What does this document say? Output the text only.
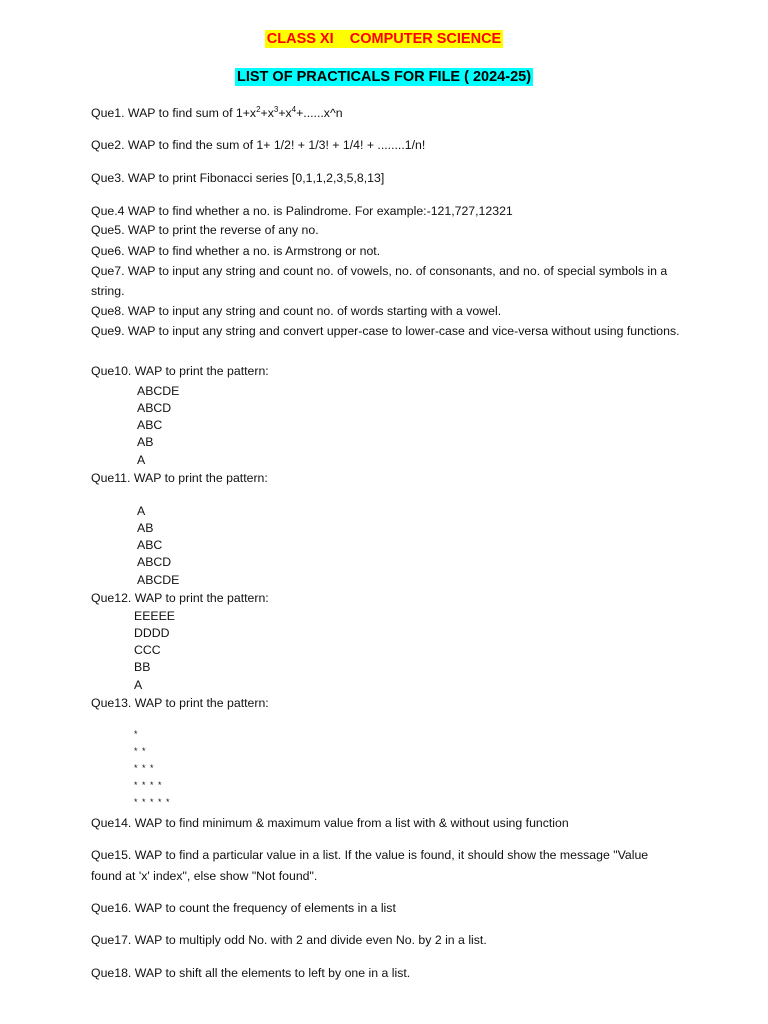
CLASS XI    COMPUTER SCIENCE
LIST OF PRACTICALS FOR FILE ( 2024-25)
Que1. WAP to find sum of $1+x^2+x^3+x^4+......x\^{}n$
Que2. WAP to find the sum of 1+ 1/2! + 1/3! + 1/4! + ........1/n!
Que3. WAP to print Fibonacci series [0,1,1,2,3,5,8,13]
Que.4 WAP to find whether a no. is Palindrome. For example:-121,727,12321
Que5. WAP to print the reverse of any no.
Que6. WAP to find whether a no. is Armstrong or not.
Que7. WAP to input any string and count no. of vowels, no. of consonants, and no. of special symbols in a string.
Que8. WAP to input any string and count no. of words starting with a vowel.
Que9. WAP to input any string and convert upper-case to lower-case and vice-versa without using functions.
Que10. WAP to print the pattern:
ABCDE
ABCD
ABC
AB
A
Que11. WAP to print the pattern:
A
AB
ABC
ABCD
ABCDE
Que12. WAP to print the pattern:
EEEEE
DDDD
CCC
BB
A
Que13. WAP to print the pattern:
*
* *
* * *
* * * *
* * * * *
Que14. WAP to find minimum & maximum value from a list with & without using function
Que15. WAP to find a particular value in a list. If the value is found, it should show the message "Value found at 'x' index", else show "Not found".
Que16. WAP to count the frequency of elements in a list
Que17. WAP to multiply odd No. with 2 and divide even No. by 2 in a list.
Que18. WAP to shift all the elements to left by one in a list.
